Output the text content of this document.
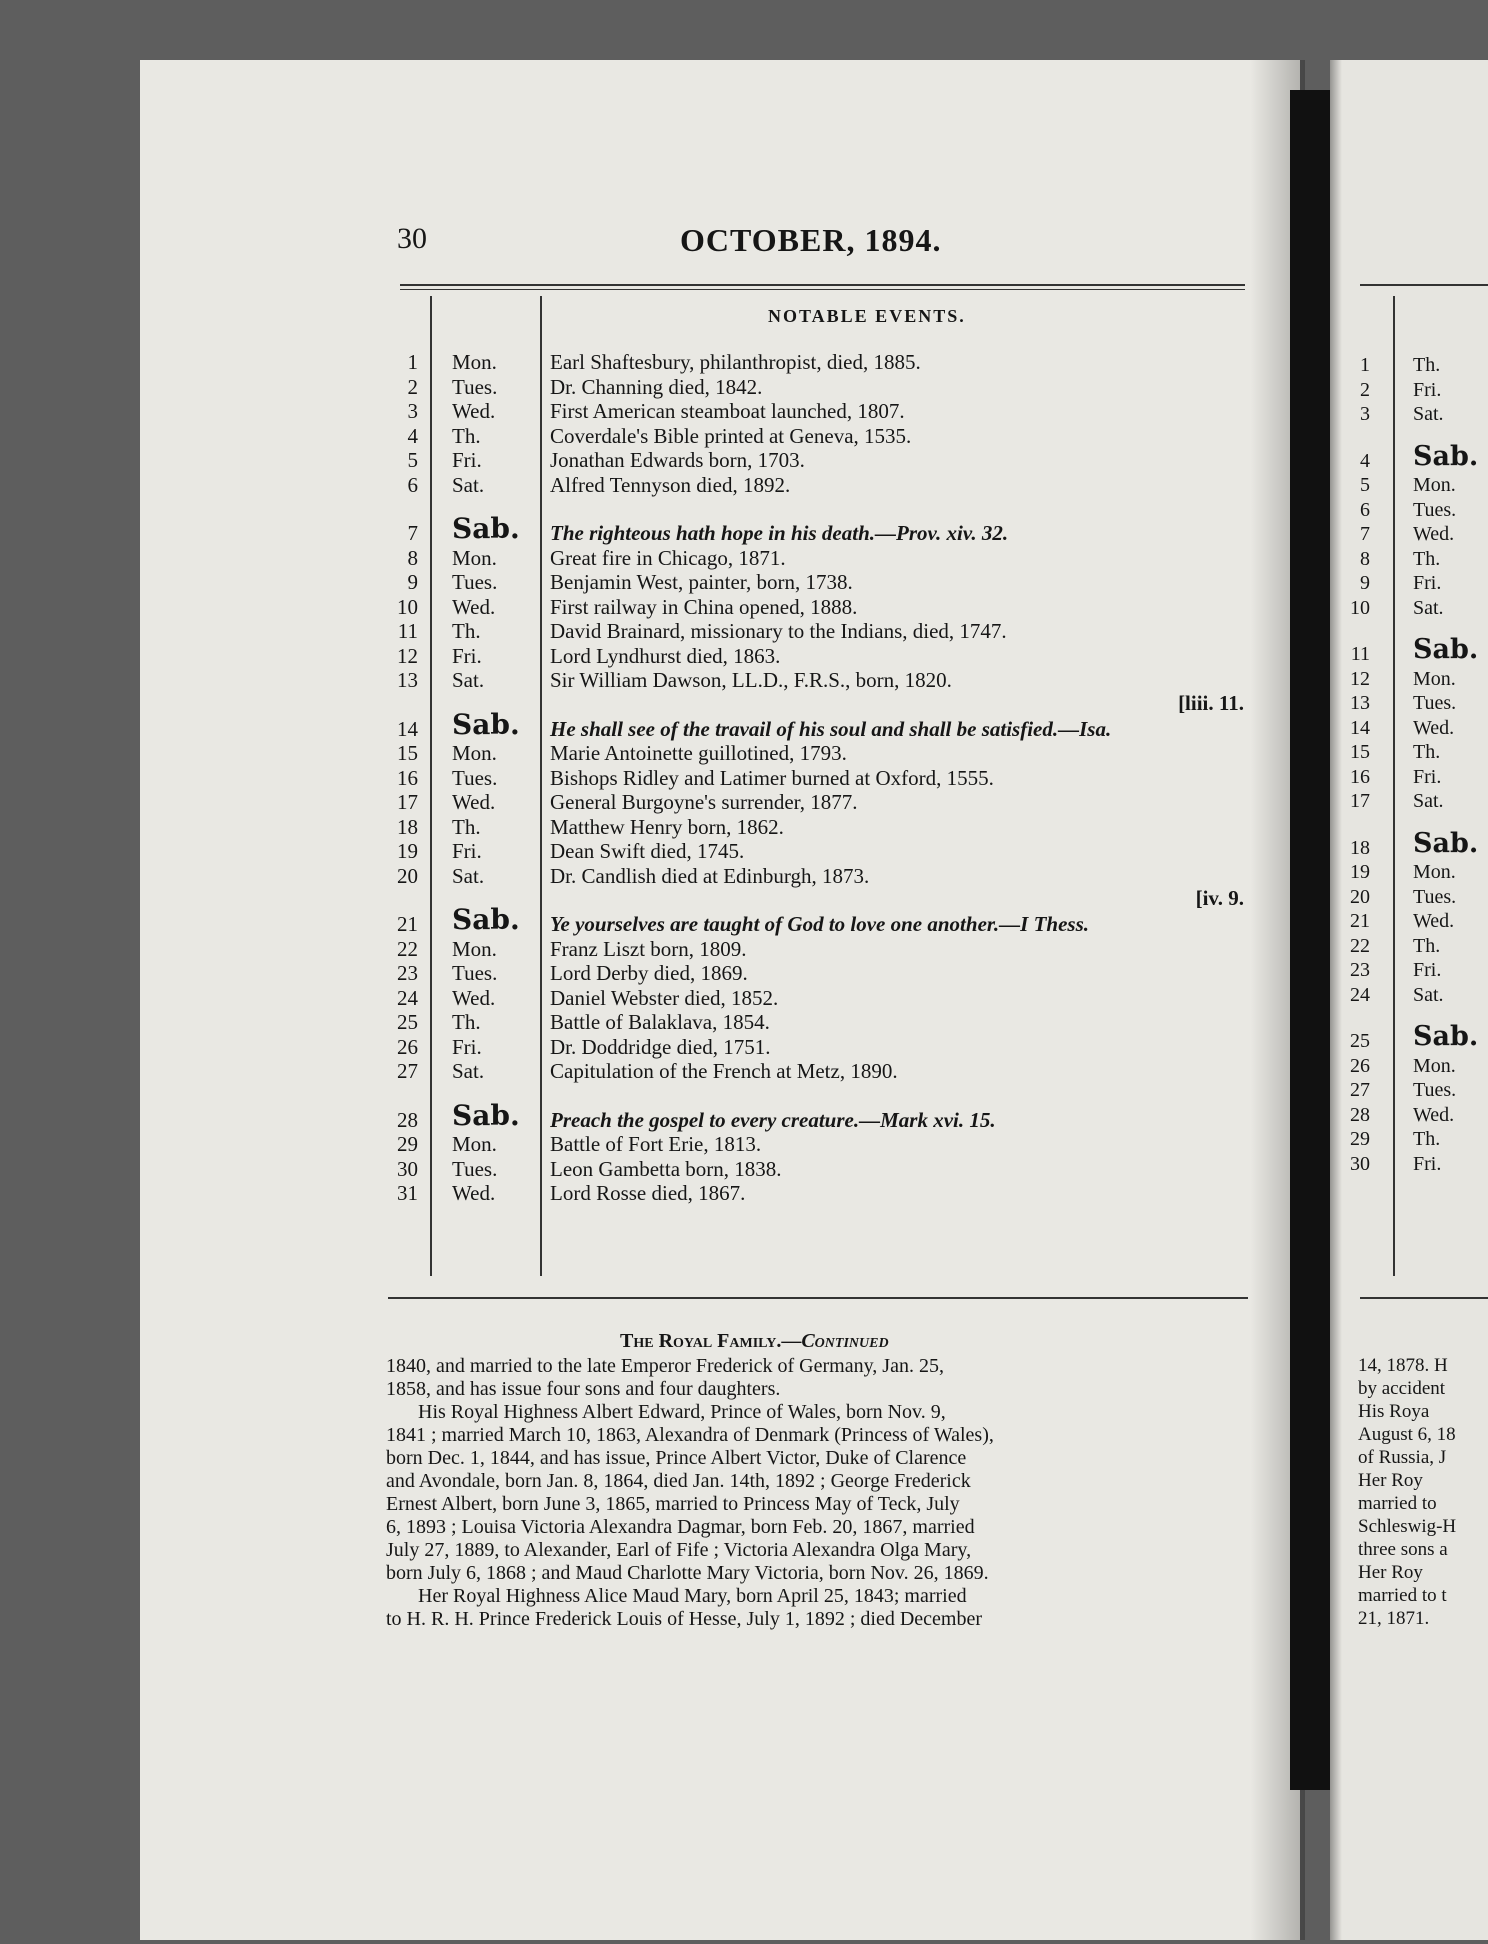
30	OCTOBER, 1894.
NOTABLE EVENTS.
1 Mon.	Earl Shaftesbury, philanthropist, died, 1885.
2 Tues.	Dr. Channing died, 1842.
3 Wed.	First American steamboat launched, 1807.
4 Th.	Coverdale's Bible printed at Geneva, 1535.
5 Fri.	Jonathan Edwards born, 1703.
6 Sat.	Alfred Tennyson died, 1892.
7 Sab.	The righteous hath hope in his death.—Prov. xiv. 32.
8 Mon.	Great fire in Chicago, 1871.
9 Tues.	Benjamin West, painter, born, 1738.
10 Wed.	First railway in China opened, 1888.
11 Th.	David Brainard, missionary to the Indians, died, 1747.
12 Fri.	Lord Lyndhurst died, 1863.
13 Sat.	Sir William Dawson, LL.D., F.R.S., born, 1820.
[liii. 11.
14 Sab.	He shall see of the travail of his soul and shall be satisfied.—Isa.
15 Mon.	Marie Antoinette guillotined, 1793.
16 Tues.	Bishops Ridley and Latimer burned at Oxford, 1555.
17 Wed.	General Burgoyne's surrender, 1877.
18 Th.	Matthew Henry born, 1862.
19 Fri.	Dean Swift died, 1745.
20 Sat.	Dr. Candlish died at Edinburgh, 1873.
[iv. 9.
21 Sab.	Ye yourselves are taught of God to love one another.—I Thess.
22 Mon.	Franz Liszt born, 1809.
23 Tues.	Lord Derby died, 1869.
24 Wed.	Daniel Webster died, 1852.
25 Th.	Battle of Balaklava, 1854.
26 Fri.	Dr. Doddridge died, 1751.
27 Sat.	Capitulation of the French at Metz, 1890.
28 Sab.	Preach the gospel to every creature.—Mark xvi. 15.
29 Mon.	Battle of Fort Erie, 1813.
30 Tues.	Leon Gambetta born, 1838.
31 Wed.	Lord Rosse died, 1867.
The Royal Family.—Continued
1840, and married to the late Emperor Frederick of Germany, Jan. 25,
1858, and has issue four sons and four daughters.
His Royal Highness Albert Edward, Prince of Wales, born Nov. 9,
1841 ; married March 10, 1863, Alexandra of Denmark (Princess of Wales),
born Dec. 1, 1844, and has issue, Prince Albert Victor, Duke of Clarence
and Avondale, born Jan. 8, 1864, died Jan. 14th, 1892 ; George Frederick
Ernest Albert, born June 3, 1865, married to Princess May of Teck, July
6, 1893 ; Louisa Victoria Alexandra Dagmar, born Feb. 20, 1867, married
July 27, 1889, to Alexander, Earl of Fife ; Victoria Alexandra Olga Mary,
born July 6, 1868 ; and Maud Charlotte Mary Victoria, born Nov. 26, 1869.
Her Royal Highness Alice Maud Mary, born April 25, 1843; married
to H. R. H. Prince Frederick Louis of Hesse, July 1, 1892 ; died December
1 Th.
2 Fri.
3 Sat.
4 Sab.
5 Mon.
6 Tues.
7 Wed.
8 Th.
9 Fri.
10 Sat.
11 Sab.
12 Mon.
13 Tues.
14 Wed.
15 Th.
16 Fri.
17 Sat.
18 Sab.
19 Mon.
20 Tues.
21 Wed.
22 Th.
23 Fri.
24 Sat.
25 Sab.
26 Mon.
27 Tues.
28 Wed.
29 Th.
30 Fri.
14, 1878. H
by accident
His Roya
August 6, 18
of Russia, J
Her Roy
married to
Schleswig-H
three sons a
Her Roy
married to t
21, 1871.
